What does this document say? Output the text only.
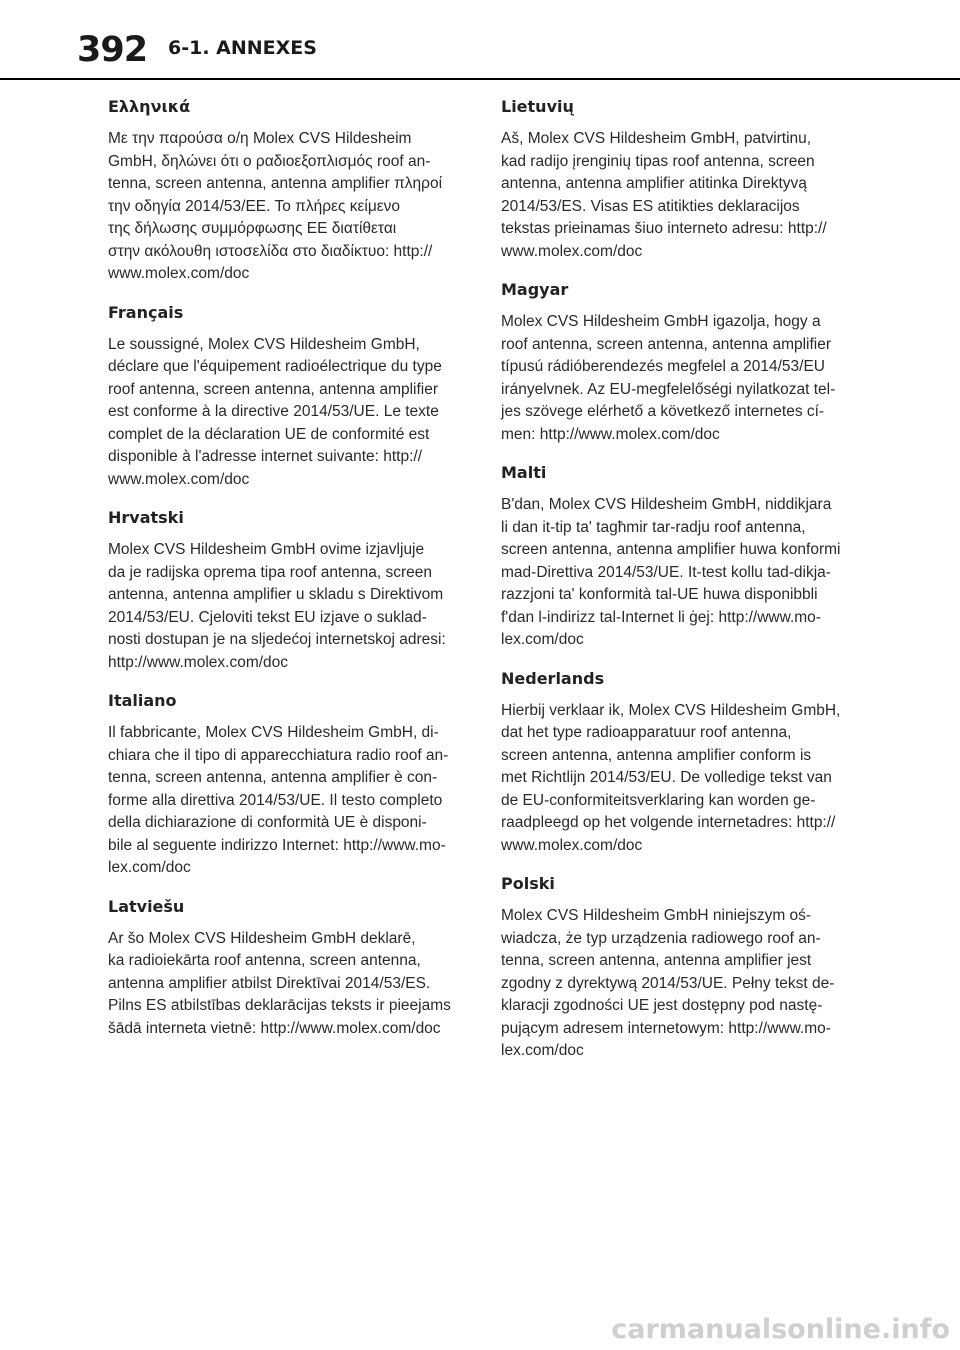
392 6-1. ANNEXES
Ελληνικά

Με την παρούσα ο/η Molex CVS Hildesheim
GmbH, δηλώνει ότι ο ραδιοεξοπλισμός roof an-
tenna, screen antenna, antenna amplifier πληροί
την οδηγία 2014/53/ΕΕ. Το πλήρες κείμενο
της δήλωσης συμμόρφωσης ΕΕ διατίθεται
στην ακόλουθη ιστοσελίδα στο διαδίκτυο: http://
www.molex.com/doc

Français

Le soussigné, Molex CVS Hildesheim GmbH,
déclare que l'équipement radioélectrique du type
roof antenna, screen antenna, antenna amplifier
est conforme à la directive 2014/53/UE. Le texte
complet de la déclaration UE de conformité est
disponible à l'adresse internet suivante: http://
www.molex.com/doc

Hrvatski

Molex CVS Hildesheim GmbH ovime izjavljuje
da je radijska oprema tipa roof antenna, screen
antenna, antenna amplifier u skladu s Direktivom
2014/53/EU. Cjeloviti tekst EU izjave o suklad-
nosti dostupan je na sljedećoj internetskoj adresi:
http://www.molex.com/doc

Italiano

Il fabbricante, Molex CVS Hildesheim GmbH, di-
chiara che il tipo di apparecchiatura radio roof an-
tenna, screen antenna, antenna amplifier è con-
forme alla direttiva 2014/53/UE. Il testo completo
della dichiarazione di conformità UE è disponi-
bile al seguente indirizzo Internet: http://www.mo-
lex.com/doc

Latviešu

Ar šo Molex CVS Hildesheim GmbH deklarē,
ka radioiekārta roof antenna, screen antenna,
antenna amplifier atbilst Direktīvai 2014/53/ES.
Pilns ES atbilstības deklarācijas teksts ir pieejams
šādā interneta vietnē: http://www.molex.com/doc

Lietuvių

Aš, Molex CVS Hildesheim GmbH, patvirtinu,
kad radijo įrenginių tipas roof antenna, screen
antenna, antenna amplifier atitinka Direktyvą
2014/53/ES. Visas ES atitikties deklaracijos
tekstas prieinamas šiuo interneto adresu: http://
www.molex.com/doc

Magyar

Molex CVS Hildesheim GmbH igazolja, hogy a
roof antenna, screen antenna, antenna amplifier
típusú rádióberendezés megfelel a 2014/53/EU
irányelvnek. Az EU-megfelelőségi nyilatkozat tel-
jes szövege elérhető a következő internetes cí-
men: http://www.molex.com/doc

Malti

B'dan, Molex CVS Hildesheim GmbH, niddikjara
li dan it-tip ta' tagħmir tar-radju roof antenna,
screen antenna, antenna amplifier huwa konformi
mad-Direttiva 2014/53/UE. It-test kollu tad-dikja-
razzjoni ta' konformità tal-UE huwa disponibbli
f'dan l-indirizz tal-Internet li ġej: http://www.mo-
lex.com/doc

Nederlands

Hierbij verklaar ik, Molex CVS Hildesheim GmbH,
dat het type radioapparatuur roof antenna,
screen antenna, antenna amplifier conform is
met Richtlijn 2014/53/EU. De volledige tekst van
de EU-conformiteitsverklaring kan worden ge-
raadpleegd op het volgende internetadres: http://
www.molex.com/doc

Polski

Molex CVS Hildesheim GmbH niniejszym oś-
wiadcza, że typ urządzenia radiowego roof an-
tenna, screen antenna, antenna amplifier jest
zgodny z dyrektywą 2014/53/UE. Pełny tekst de-
klaracji zgodności UE jest dostępny pod nastę-
pującym adresem internetowym: http://www.mo-
lex.com/doc

carmanualsonline.info
